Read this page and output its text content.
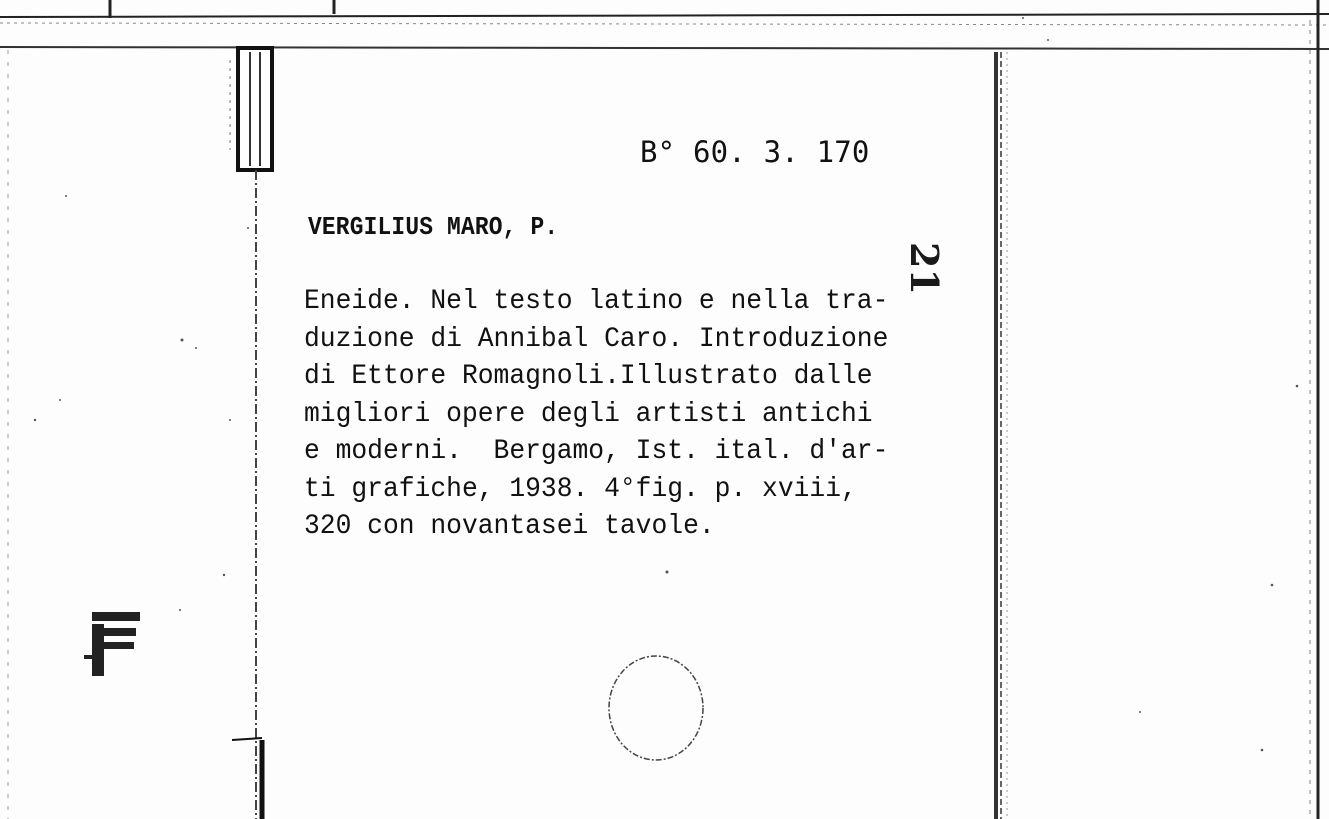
B° 60. 3. 170
VERGILIUS MARO, P.
Eneide. Nel testo latino e nella tra-
duzione di Annibal Caro. Introduzione
di Ettore Romagnoli.Illustrato dalle
migliori opere degli artisti antichi
e moderni.  Bergamo, Ist. ital. d'ar-
ti grafiche, 1938. 4°fig. p. xviii,
320 con novantasei tavole.
21
